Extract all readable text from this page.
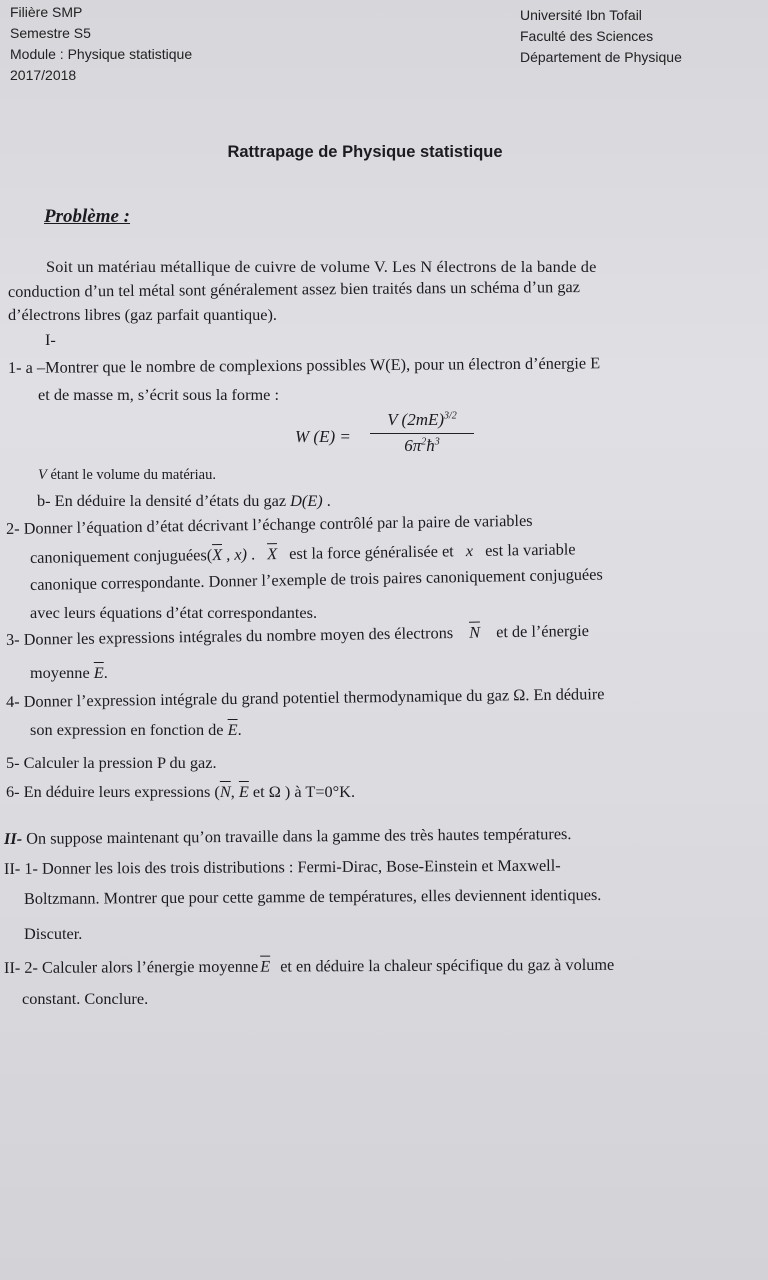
Filière SMP
Semestre S5
Module : Physique statistique
2017/2018
Université Ibn Tofail
Faculté des Sciences
Département de Physique
Rattrapage de Physique statistique
Problème :
Soit un matériau métallique de cuivre de volume V. Les N électrons de la bande de
conduction d’un tel métal sont généralement assez bien traités dans un schéma d’un gaz
d’électrons libres (gaz parfait quantique).
I-
1- a –Montrer que le nombre de complexions possibles W(E), pour un électron d’énergie E
et de masse m, s’écrit sous la forme :
W (E) =
V $(2mE)^{3/2}$
$6\pi^2ħ^3$
V étant le volume du matériau.
b- En déduire la densité d’états du gaz D(E) .
2- Donner l’équation d’état décrivant l’échange contrôlé par la paire de variables
canoniquement $conjuguées(\overline{X}$ , x) . $\overline{X}$ est la force généralisée et x est la variable
canonique correspondante. Donner l’exemple de trois paires canoniquement conjuguées
avec leurs équations d’état correspondantes.
3- Donner les expressions intégrales du nombre moyen des électrons $\overline{N}$ et de l’énergie
moyenne $\overline{E}$.
4- Donner l’expression intégrale du grand potentiel thermodynamique du gaz Ω. En déduire
son expression en fonction de $\overline{E}$.
5- Calculer la pression P du gaz.
6- En déduire leurs expressions ($\overline{N}$, $\overline{E}$ et Ω ) à T=0°K.
II- On suppose maintenant qu’on travaille dans la gamme des très hautes températures.
II- 1- Donner les lois des trois distributions : Fermi-Dirac, Bose-Einstein et Maxwell-
Boltzmann. Montrer que pour cette gamme de températures, elles deviennent identiques.
Discuter.
II- 2- Calculer alors l’énergie moyenne $\overline{E}$ et en déduire la chaleur spécifique du gaz à volume
constant. Conclure.
